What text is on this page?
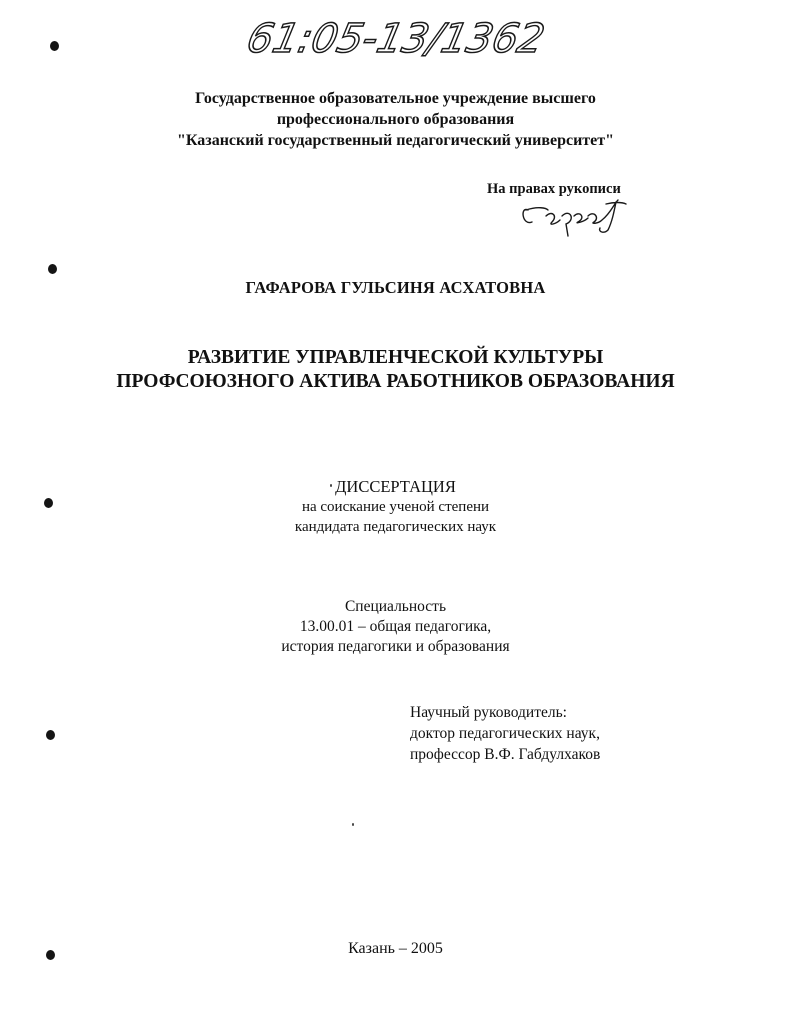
61:05-13/1362
Государственное образовательное учреждение высшего
профессионального образования
"Казанский государственный педагогический университет"
На правах рукописи
ГАФАРОВА ГУЛЬСИНЯ АСХАТОВНА
РАЗВИТИЕ УПРАВЛЕНЧЕСКОЙ КУЛЬТУРЫ
ПРОФСОЮЗНОГО АКТИВА РАБОТНИКОВ ОБРАЗОВАНИЯ
ДИССЕРТАЦИЯ
на соискание ученой степени
кандидата педагогических наук
Специальность
13.00.01 – общая педагогика,
история педагогики и образования
Научный руководитель:
доктор педагогических наук,
профессор В.Ф. Габдулхаков
Казань – 2005
